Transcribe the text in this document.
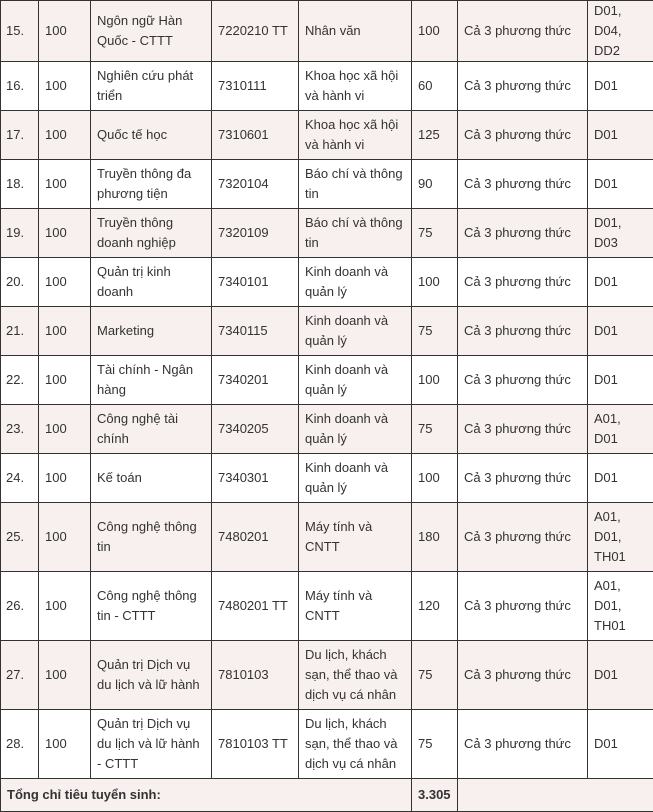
15.	100	Ngôn ngữ Hàn Quốc - CTTT	7220210 TT	Nhân văn	100	Cả 3 phương thức	D01, D04, DD2
16.	100	Nghiên cứu phát triển	7310111	Khoa học xã hội và hành vi	60	Cả 3 phương thức	D01
17.	100	Quốc tế học	7310601	Khoa học xã hội và hành vi	125	Cả 3 phương thức	D01
18.	100	Truyền thông đa phương tiện	7320104	Báo chí và thông tin	90	Cả 3 phương thức	D01
19.	100	Truyền thông doanh nghiệp	7320109	Báo chí và thông tin	75	Cả 3 phương thức	D01, D03
20.	100	Quản trị kinh doanh	7340101	Kinh doanh và quản lý	100	Cả 3 phương thức	D01
21.	100	Marketing	7340115	Kinh doanh và quản lý	75	Cả 3 phương thức	D01
22.	100	Tài chính - Ngân hàng	7340201	Kinh doanh và quản lý	100	Cả 3 phương thức	D01
23.	100	Công nghệ tài chính	7340205	Kinh doanh và quản lý	75	Cả 3 phương thức	A01, D01
24.	100	Kế toán	7340301	Kinh doanh và quản lý	100	Cả 3 phương thức	D01
25.	100	Công nghệ thông tin	7480201	Máy tính và CNTT	180	Cả 3 phương thức	A01, D01, TH01
26.	100	Công nghệ thông tin - CTTT	7480201 TT	Máy tính và CNTT	120	Cả 3 phương thức	A01, D01, TH01
27.	100	Quản trị Dịch vụ du lịch và lữ hành	7810103	Du lịch, khách sạn, thể thao và dịch vụ cá nhân	75	Cả 3 phương thức	D01
28.	100	Quản trị Dịch vụ du lịch và lữ hành - CTTT	7810103 TT	Du lịch, khách sạn, thể thao và dịch vụ cá nhân	75	Cả 3 phương thức	D01
Tổng chỉ tiêu tuyển sinh:					3.305		
